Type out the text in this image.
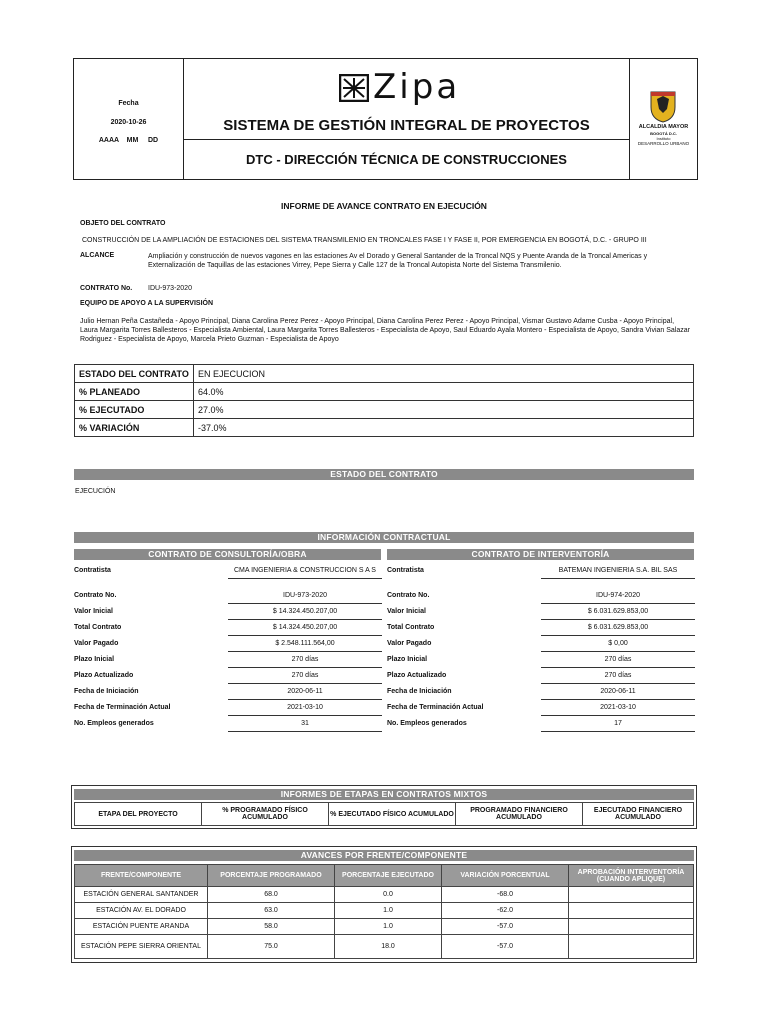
Fecha
2020-10-26
AAAA    MM     DD
Zipa
SISTEMA DE GESTIÓN INTEGRAL DE PROYECTOS
DTC - DIRECCIÓN TÉCNICA DE CONSTRUCCIONES
ALCALDIA MAYOR
BOGOTÁ D.C.
Instituto
DESARROLLO URBANO
INFORME DE AVANCE CONTRATO EN EJECUCIÓN
OBJETO DEL CONTRATO
CONSTRUCCIÓN DE LA AMPLIACIÓN DE ESTACIONES DEL SISTEMA TRANSMILENIO EN TRONCALES FASE I Y FASE II, POR EMERGENCIA EN BOGOTÁ, D.C. - GRUPO III
ALCANCE	Ampliación y construcción de nuevos vagones en las estaciones Av el Dorado y General Santander de la Troncal NQS y Puente Aranda de la Troncal Americas y Externalización de Taquillas de las estaciones Virrey, Pepe Sierra y Calle 127 de la Troncal Autopista Norte del Sistema Transmilenio.
CONTRATO No. IDU-973-2020
EQUIPO DE APOYO A LA SUPERVISIÓN
Julio Hernan Peña Castañeda - Apoyo Principal, Diana Carolina Perez Perez - Apoyo Principal, Diana Carolina Perez Perez - Apoyo Principal, Vismar Gustavo Adame Cusba - Apoyo Principal, Laura Margarita Torres Ballesteros - Especialista Ambiental, Laura Margarita Torres Ballesteros - Especialista de Apoyo, Saul Eduardo Ayala Montero - Especialista de Apoyo, Sandra Vivian Salazar Rodriguez - Especialista de Apoyo, Marcela Prieto Guzman - Especialista de Apoyo
ESTADO DEL CONTRATO	EN EJECUCION
% PLANEADO	64.0%
% EJECUTADO	27.0%
% VARIACIÓN	-37.0%
ESTADO DEL CONTRATO
EJECUCIÓN
INFORMACIÓN CONTRACTUAL
CONTRATO DE CONSULTORÍA/OBRA	CONTRATO DE INTERVENTORÍA
Contratista	CMA INGENIERIA & CONSTRUCCION S A S
Contrato No.	IDU-973-2020
Valor Inicial	$ 14.324.450.207,00
Total Contrato	$ 14.324.450.207,00
Valor Pagado	$ 2.548.111.564,00
Plazo Inicial	270 días
Plazo Actualizado	270 días
Fecha de Iniciación	2020-06-11
Fecha de Terminación Actual	2021-03-10
No. Empleos generados	31
Contratista	BATEMAN INGENIERIA S.A. BIL SAS
Contrato No.	IDU-974-2020
Valor Inicial	$ 6.031.629.853,00
Total Contrato	$ 6.031.629.853,00
Valor Pagado	$ 0,00
Plazo Inicial	270 días
Plazo Actualizado	270 días
Fecha de Iniciación	2020-06-11
Fecha de Terminación Actual	2021-03-10
No. Empleos generados	17
INFORMES DE ETAPAS EN CONTRATOS MIXTOS
ETAPA DEL PROYECTO	% PROGRAMADO FÍSICO ACUMULADO	% EJECUTADO FÍSICO ACUMULADO	PROGRAMADO FINANCIERO ACUMULADO	EJECUTADO FINANCIERO ACUMULADO
AVANCES POR FRENTE/COMPONENTE
FRENTE/COMPONENTE	PORCENTAJE PROGRAMADO	PORCENTAJE EJECUTADO	VARIACIÓN PORCENTUAL	APROBACIÓN INTERVENTORÍA (CUANDO APLIQUE)
ESTACIÓN GENERAL SANTANDER	68.0	0.0	-68.0	
ESTACIÓN AV. EL DORADO	63.0	1.0	-62.0	
ESTACIÓN PUENTE ARANDA	58.0	1.0	-57.0	
ESTACIÓN PEPE SIERRA ORIENTAL	75.0	18.0	-57.0	
